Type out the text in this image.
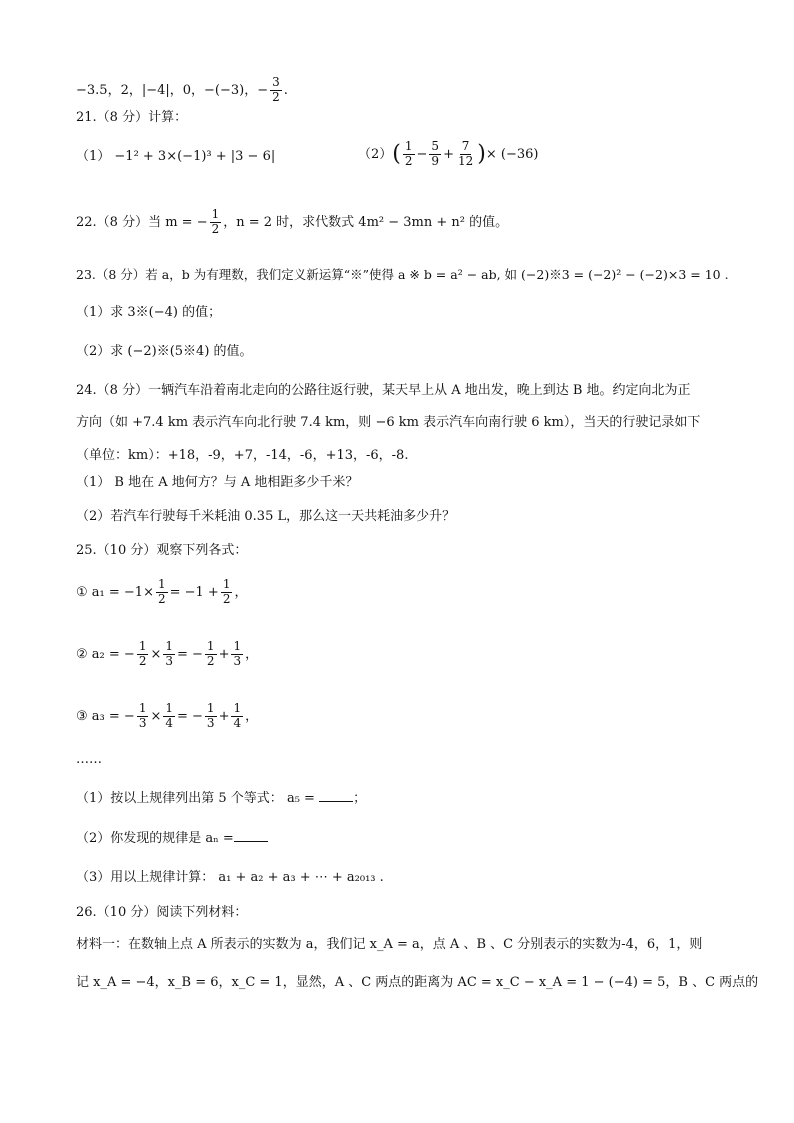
−3.5，2，|−4|，0，−(−3)，− $\frac{3}{2}$ .
21.（8 分）计算：
（1） −1² + 3×(−1)³ + |3 − 6|	$(2)( \frac{1}{2} - \frac{5}{9} + \frac{7}{12}$ )× (−36)
22.（8 分）当 m = − $\frac{1}{2}$ ，n = 2 时，求代数式 4m² − 3mn + n² 的值。
23.（8 分）若 a，b 为有理数，我们定义新运算“※”使得 a ※ b = a² − ab, 如 (−2)※3 = (−2)² − (−2)×3 = 10 .
（1）求 3※(−4) 的值；
（2）求 (−2)※(5※4) 的值。
24.（8 分）一辆汽车沿着南北走向的公路往返行驶，某天早上从 A 地出发，晚上到达 B 地。约定向北为正
方向（如 +7.4 km 表示汽车向北行驶 7.4 km，则 −6 km 表示汽车向南行驶 6 km），当天的行驶记录如下
（单位：km）：+18，-9，+7，-14，-6，+13，-6，-8.
（1） B 地在 A 地何方？与 A 地相距多少千米？
（2）若汽车行驶每千米耗油 0.35 L，那么这一天共耗油多少升？
25.（10 分）观察下列各式：
① $a_1 = -1\times \frac{1}{2} = -1 + \frac{1}{2}$ ，
② a₂ = − $\frac{1}{2} \times \frac{1}{3}$ = − $\frac{1}{2} + \frac{1}{3}$ ，
③ a₃ = − $\frac{1}{3} \times \frac{1}{4}$ = − $\frac{1}{3} + \frac{1}{4}$ ，
……
（1）按以上规律列出第 5 个等式： a₅ =	；
（2）你发现的规律是 aₙ =
（3）用以上规律计算： a₁ + a₂ + a₃ + ⋯ + a₂₀₁₃ .
26.（10 分）阅读下列材料：
材料一：在数轴上点 A 所表示的实数为 a，我们记 x_A = a，点 A 、B 、C 分别表示的实数为-4，6，1，则
记 x_A = −4，x_B = 6，x_C = 1，显然，A 、C 两点的距离为 AC = x_C − x_A = 1 − (−4) = 5，B 、C 两点的
